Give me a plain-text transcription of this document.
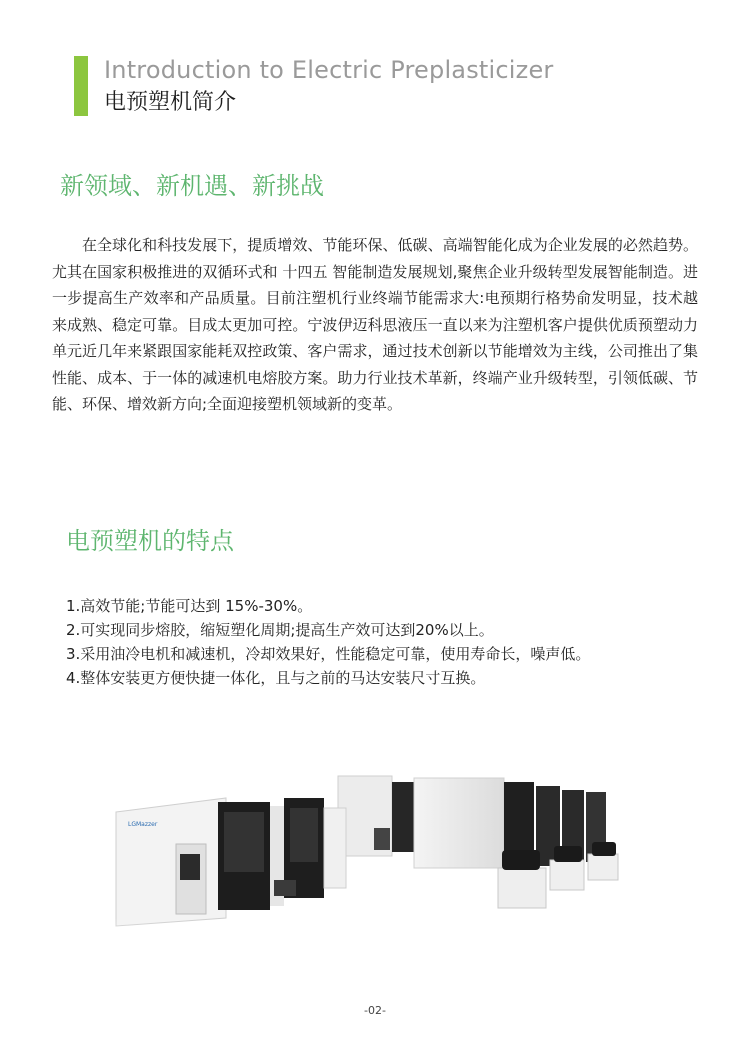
Introduction to Electric Preplasticizer
电预塑机简介
新领域、新机遇、新挑战

在全球化和科技发展下，提质增效、节能环保、低碳、高端智能化成为企业发展的必然趋势。尤其在国家积极推进的双循环式和 十四五 智能制造发展规划,聚焦企业升级转型发展智能制造。进一步提高生产效率和产品质量。目前注塑机行业终端节能需求大:电预期行格势俞发明显，技术越来成熟、稳定可靠。目成太更加可控。宁波伊迈科思液压一直以来为注塑机客户提供优质预塑动力单元近几年来紧跟国家能耗双控政策、客户需求，通过技术创新以节能增效为主线，公司推出了集性能、成本、于一体的减速机电熔胶方案。助力行业技术革新，终端产业升级转型，引领低碳、节能、环保、增效新方向;全面迎接塑机领域新的变革。

电预塑机的特点
1.高效节能;节能可达到 15%-30%。
2.可实现同步熔胶，缩短塑化周期;提高生产效可达到20%以上。
3.采用油冷电机和减速机，冷却效果好，性能稳定可靠，使用寿命长，噪声低。
4.整体安装更方便快捷一体化，且与之前的马达安装尺寸互换。
LGMazzer
-02-
